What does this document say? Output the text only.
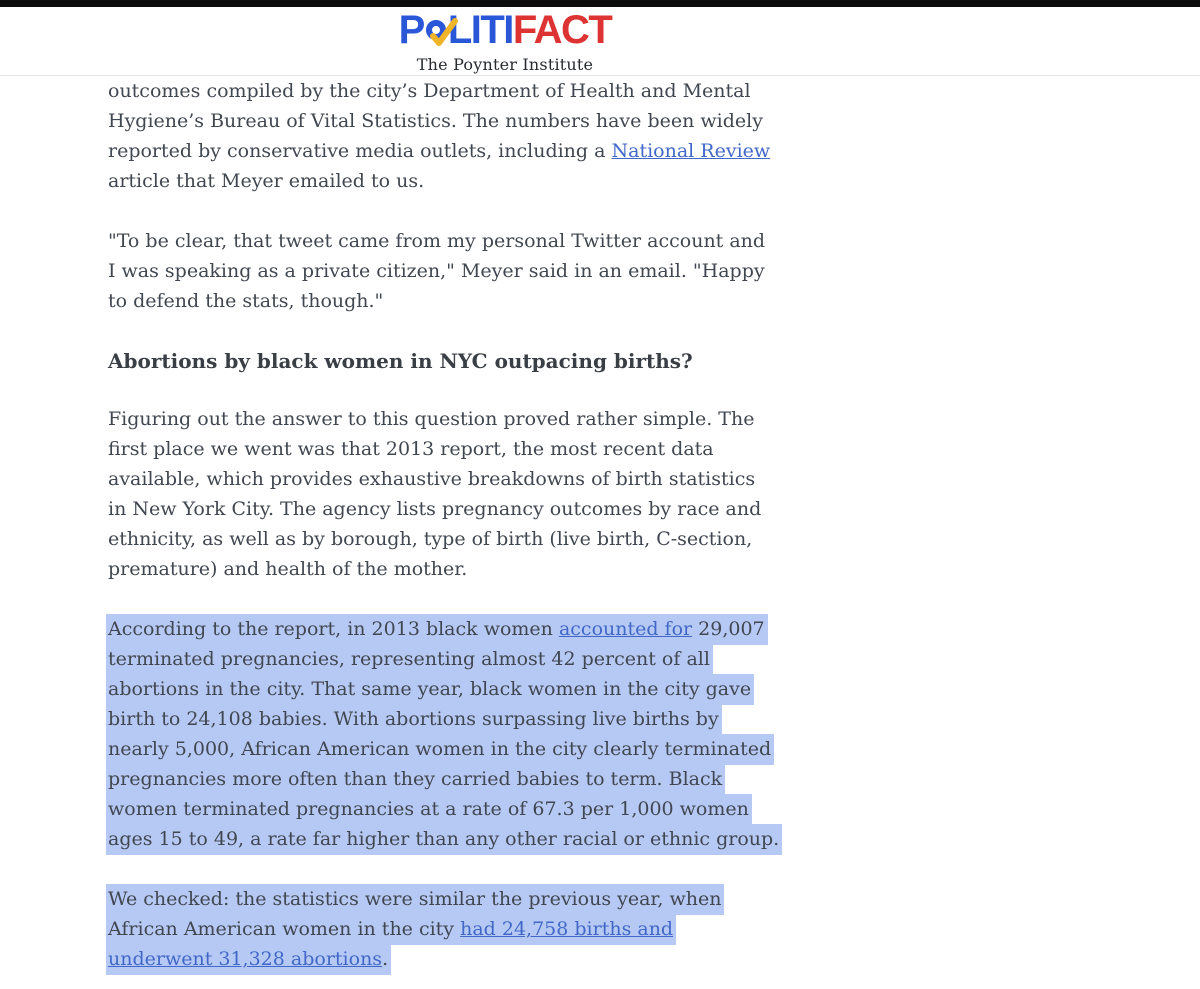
P LITI FACT
The Poynter Institute

outcomes compiled by the city’s Department of Health and Mental
Hygiene’s Bureau of Vital Statistics. The numbers have been widely
reported by conservative media outlets, including a National Review
article that Meyer emailed to us.

"To be clear, that tweet came from my personal Twitter account and
I was speaking as a private citizen," Meyer said in an email. "Happy
to defend the stats, though."

Abortions by black women in NYC outpacing births?

Figuring out the answer to this question proved rather simple. The
first place we went was that 2013 report, the most recent data
available, which provides exhaustive breakdowns of birth statistics
in New York City. The agency lists pregnancy outcomes by race and
ethnicity, as well as by borough, type of birth (live birth, C-section,
premature) and health of the mother.

According to the report, in 2013 black women accounted for 29,007
terminated pregnancies, representing almost 42 percent of all
abortions in the city. That same year, black women in the city gave
birth to 24,108 babies. With abortions surpassing live births by
nearly 5,000, African American women in the city clearly terminated
pregnancies more often than they carried babies to term. Black
women terminated pregnancies at a rate of 67.3 per 1,000 women
ages 15 to 49, a rate far higher than any other racial or ethnic group.

We checked: the statistics were similar the previous year, when
African American women in the city had 24,758 births and
underwent 31,328 abortions.
